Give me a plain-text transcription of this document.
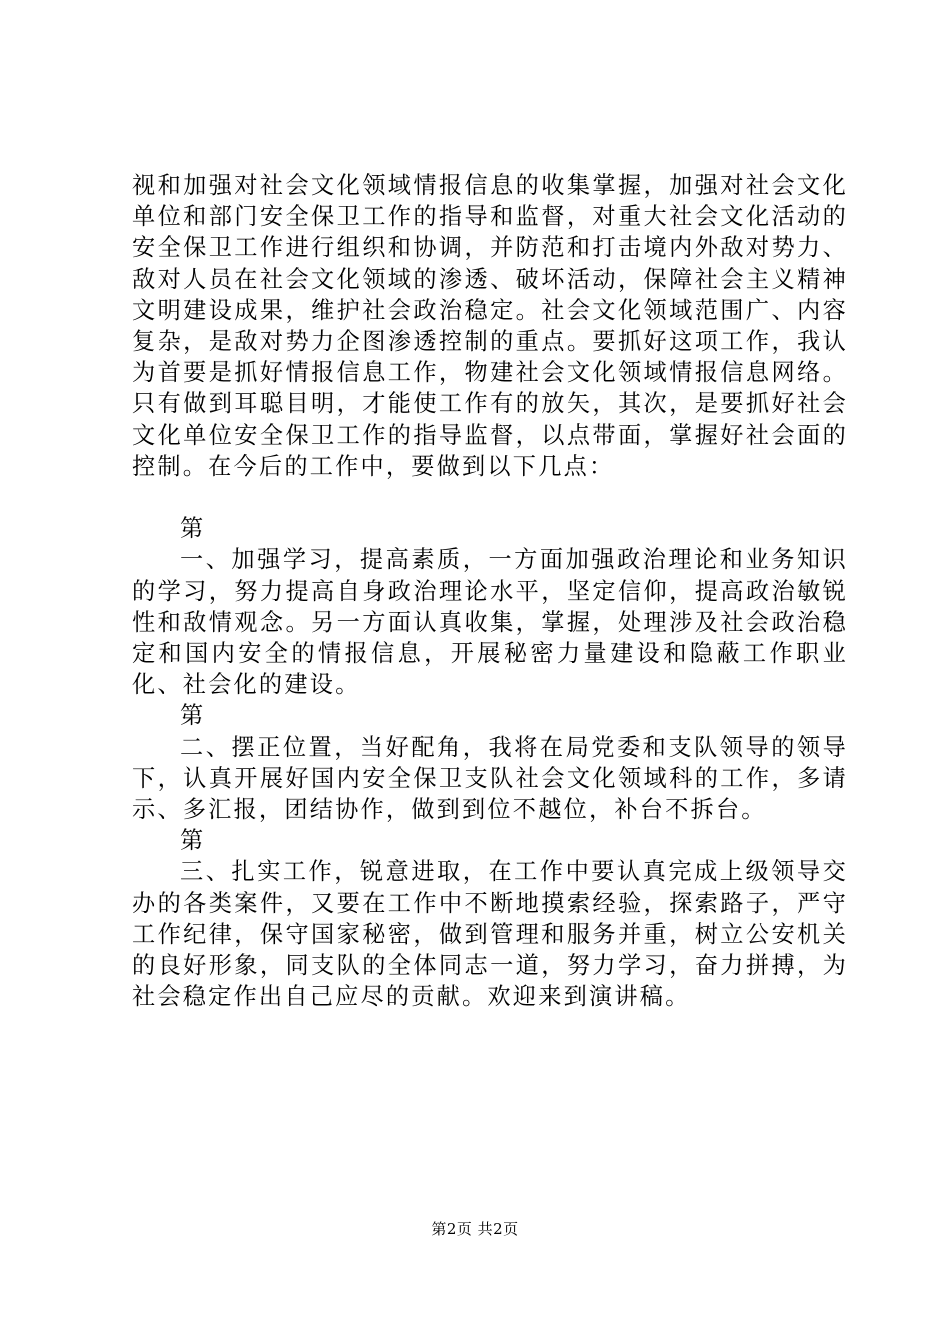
视和加强对社会文化领域情报信息的收集掌握，加强对社会文化单位和部门安全保卫工作的指导和监督，对重大社会文化活动的安全保卫工作进行组织和协调，并防范和打击境内外敌对势力、敌对人员在社会文化领域的渗透、破坏活动，保障社会主义精神文明建设成果，维护社会政治稳定。社会文化领域范围广、内容复杂，是敌对势力企图渗透控制的重点。要抓好这项工作，我认为首要是抓好情报信息工作，物建社会文化领域情报信息网络。只有做到耳聪目明，才能使工作有的放矢，其次，是要抓好社会文化单位安全保卫工作的指导监督，以点带面，掌握好社会面的控制。在今后的工作中，要做到以下几点：

第

一、加强学习，提高素质，一方面加强政治理论和业务知识的学习，努力提高自身政治理论水平，坚定信仰，提高政治敏锐性和敌情观念。另一方面认真收集，掌握，处理涉及社会政治稳定和国内安全的情报信息，开展秘密力量建设和隐蔽工作职业化、社会化的建设。

第

二、摆正位置，当好配角，我将在局党委和支队领导的领导下，认真开展好国内安全保卫支队社会文化领域科的工作，多请示、多汇报，团结协作，做到到位不越位，补台不拆台。

第

三、扎实工作，锐意进取，在工作中要认真完成上级领导交办的各类案件，又要在工作中不断地摸索经验，探索路子，严守工作纪律，保守国家秘密，做到管理和服务并重，树立公安机关的良好形象，同支队的全体同志一道，努力学习，奋力拼搏，为社会稳定作出自己应尽的贡献。欢迎来到演讲稿。

第2页 共2页
